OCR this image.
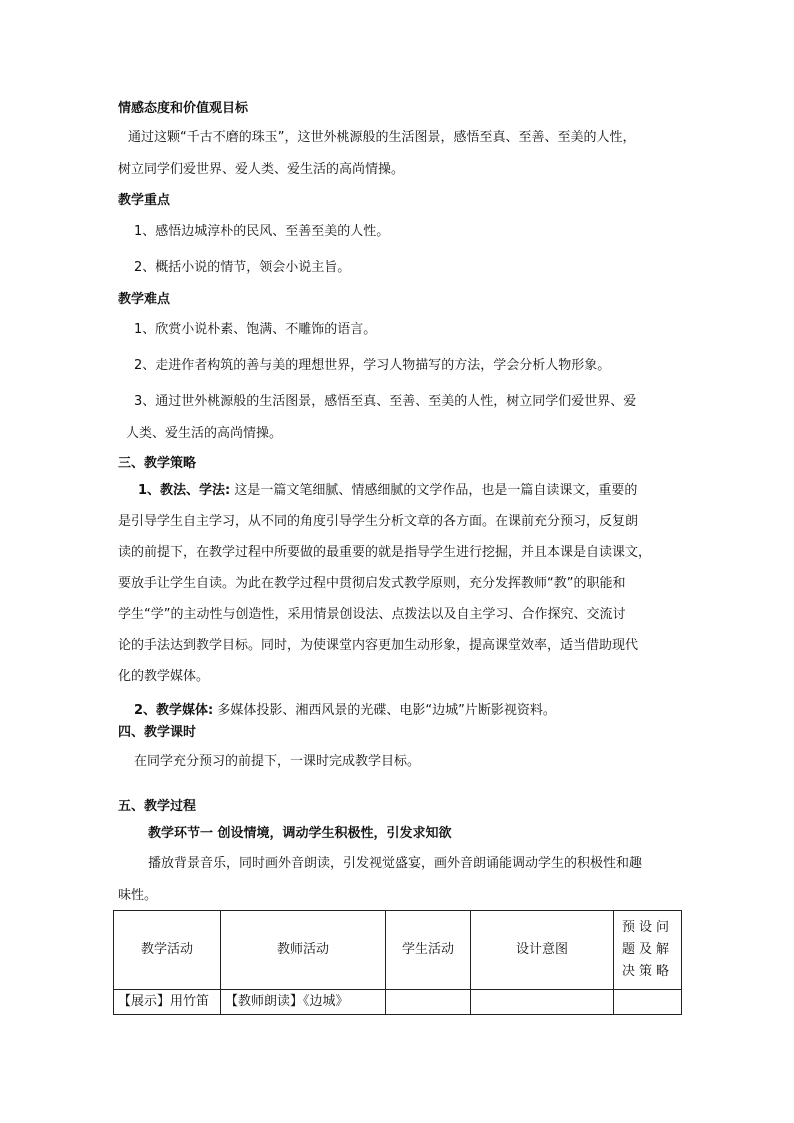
情感态度和价值观目标
通过这颗“千古不磨的珠玉”，这世外桃源般的生活图景，感悟至真、至善、至美的人性，
树立同学们爱世界、爱人类、爱生活的高尚情操。
教学重点
1、感悟边城淳朴的民风、至善至美的人性。
2、概括小说的情节，领会小说主旨。
教学难点
1、欣赏小说朴素、饱满、不雕饰的语言。
2、走进作者构筑的善与美的理想世界，学习人物描写的方法，学会分析人物形象。
3、通过世外桃源般的生活图景，感悟至真、至善、至美的人性，树立同学们爱世界、爱
人类、爱生活的高尚情操。
三、教学策略
1、教法、学法: 这是一篇文笔细腻、情感细腻的文学作品，也是一篇自读课文，重要的
是引导学生自主学习，从不同的角度引导学生分析文章的各方面。在课前充分预习，反复朗
读的前提下，在教学过程中所要做的最重要的就是指导学生进行挖掘，并且本课是自读课文，
要放手让学生自读。为此在教学过程中贯彻启发式教学原则，充分发挥教师“教”的职能和
学生“学”的主动性与创造性，采用情景创设法、点拨法以及自主学习、合作探究、交流讨
论的手法达到教学目标。同时，为使课堂内容更加生动形象，提高课堂效率，适当借助现代
化的教学媒体。
2、教学媒体: 多媒体投影、湘西风景的光碟、电影“边城”片断影视资料。
四、教学课时
在同学充分预习的前提下，一课时完成教学目标。
五、教学过程
教学环节一 创设情境，调动学生积极性，引发求知欲
播放背景音乐，同时画外音朗读，引发视觉盛宴，画外音朗诵能调动学生的积极性和趣
味性。
教学活动	教师活动	学生活动	设计意图	预设问题及解决策略
【展示】用竹笛	【教师朗读】《边城》			
